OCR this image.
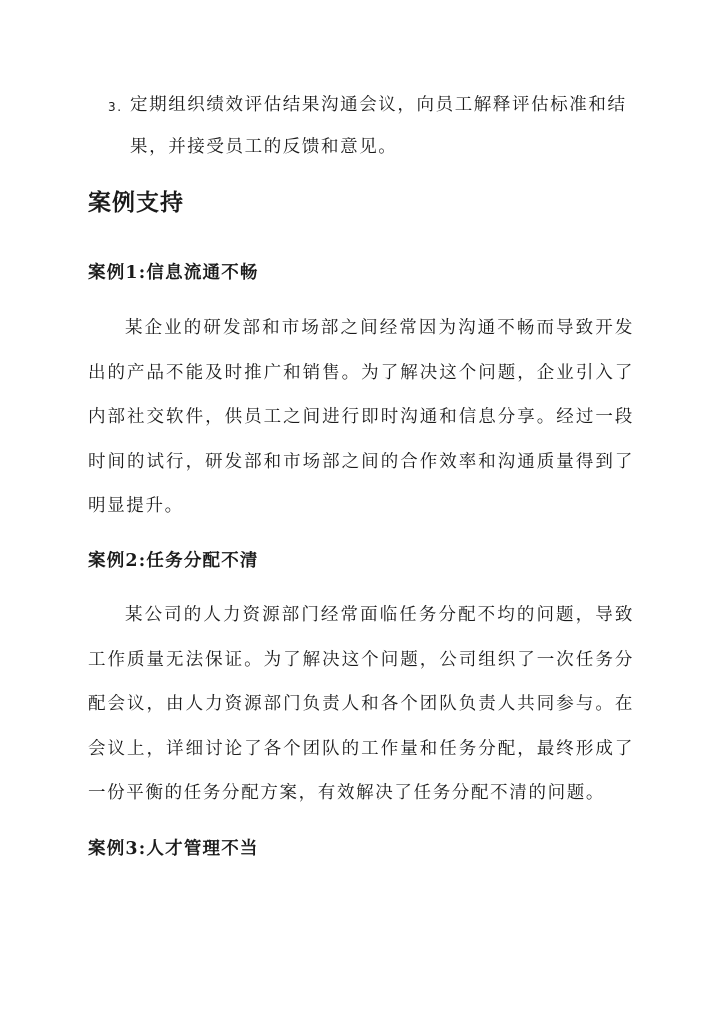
3. 定期组织绩效评估结果沟通会议，向员工解释评估标准和结
果，并接受员工的反馈和意见。
案例支持
案例1:信息流通不畅

某企业的研发部和市场部之间经常因为沟通不畅而导致开发出的产品不能及时推广和销售。为了解决这个问题，企业引入了内部社交软件，供员工之间进行即时沟通和信息分享。经过一段时间的试行，研发部和市场部之间的合作效率和沟通质量得到了明显提升。

案例2:任务分配不清

某公司的人力资源部门经常面临任务分配不均的问题，导致工作质量无法保证。为了解决这个问题，公司组织了一次任务分配会议，由人力资源部门负责人和各个团队负责人共同参与。在会议上，详细讨论了各个团队的工作量和任务分配，最终形成了一份平衡的任务分配方案，有效解决了任务分配不清的问题。

案例3:人才管理不当
